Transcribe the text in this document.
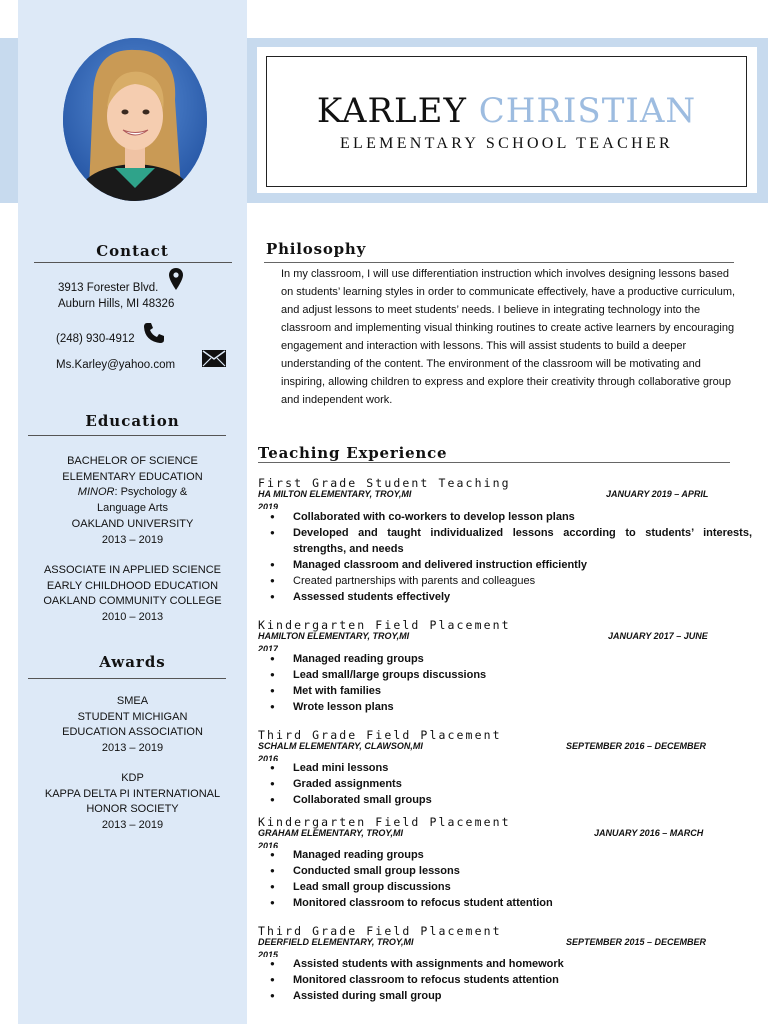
KARLEY CHRISTIAN
ELEMENTARY SCHOOL TEACHER
Contact
3913 Forester Blvd.
Auburn Hills, MI 48326
(248) 930-4912
Ms.Karley@yahoo.com
Education
BACHELOR OF SCIENCE
ELEMENTARY EDUCATION
MINOR: Psychology &
Language Arts
OAKLAND UNIVERSITY
2013 – 2019
ASSOCIATE IN APPLIED SCIENCE
EARLY CHILDHOOD EDUCATION
OAKLAND COMMUNITY COLLEGE
2010 – 2013
Awards
SMEA
STUDENT MICHIGAN
EDUCATION ASSOCIATION
2013 – 2019
KDP
KAPPA DELTA PI INTERNATIONAL
HONOR SOCIETY
2013 – 2019
Philosophy
In my classroom, I will use differentiation instruction which involves designing lessons based on students’ learning styles in order to communicate effectively, have a productive curriculum, and adjust lessons to meet students’ needs. I believe in integrating technology into the classroom and implementing visual thinking routines to create active learners by encouraging engagement and interaction with lessons. This will assist students to build a deeper understanding of the content. The environment of the classroom will be motivating and inspiring, allowing children to express and explore their creativity through collaborative group and independent work.
Teaching Experience
First Grade Student Teaching
HA MILTON ELEMENTARY, TROY,MI	JANUARY 2019 – APRIL
2019
● Collaborated with co-workers to develop lesson plans
● Developed and taught individualized lessons according to students’ interests, strengths, and needs
● Managed classroom and delivered instruction efficiently
● Created partnerships with parents and colleagues
● Assessed students effectively
Kindergarten Field Placement
HAMILTON ELEMENTARY, TROY,MI	JANUARY 2017 – JUNE
2017
● Managed reading groups
● Lead small/large groups discussions
● Met with families
● Wrote lesson plans
Third Grade Field Placement
SCHALM ELEMENTARY, CLAWSON,MI	SEPTEMBER 2016 – DECEMBER
2016
● Lead mini lessons
● Graded assignments
● Collaborated small groups
Kindergarten Field Placement
GRAHAM ELEMENTARY, TROY,MI	JANUARY 2016 – MARCH
2016
● Managed reading groups
● Conducted small group lessons
● Lead small group discussions
● Monitored classroom to refocus student attention
Third Grade Field Placement
DEERFIELD ELEMENTARY, TROY,MI	SEPTEMBER 2015 – DECEMBER
2015
● Assisted students with assignments and homework
● Monitored classroom to refocus students attention
● Assisted during small group
